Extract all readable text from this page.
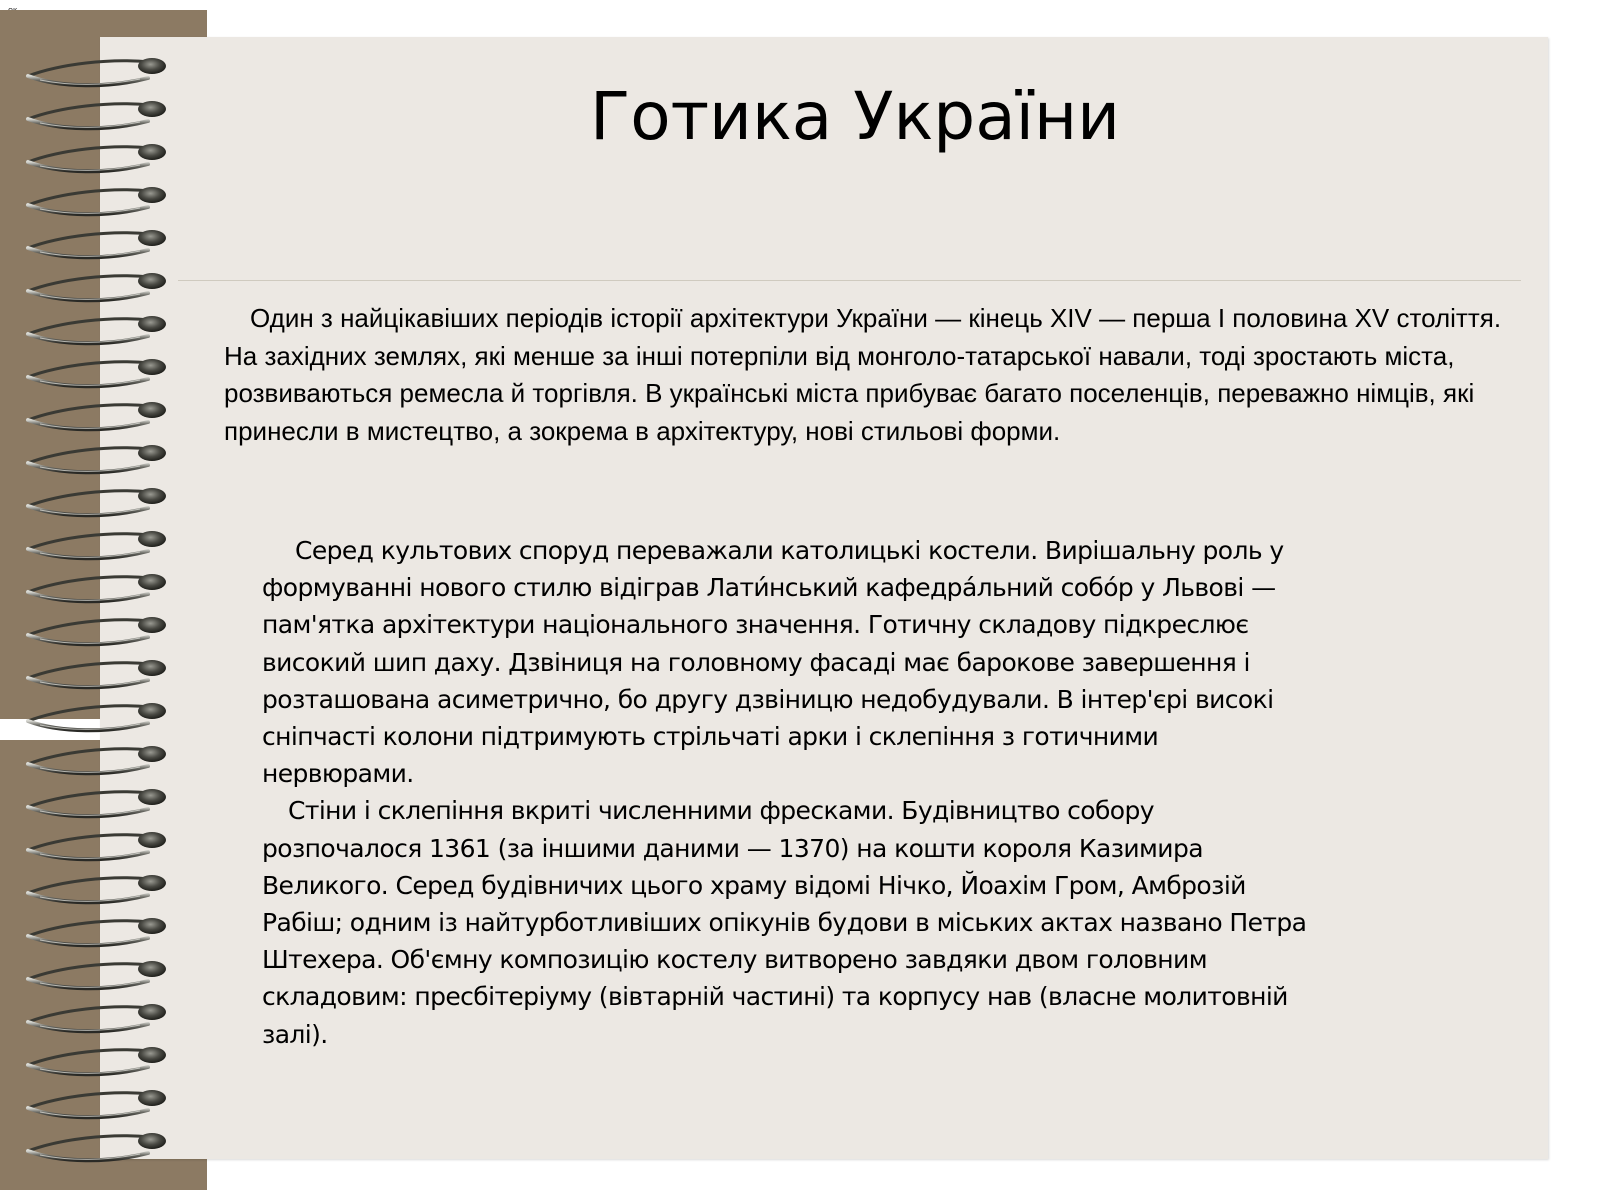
Готика України

Один з найцікавіших періодів історії архітектури України — кінець XIV — перша I половина XV століття. На західних землях, які менше за інші потерпіли від монголо-татарської навали, тоді зростають міста, розвиваються ремесла й торгівля. В українські міста прибуває багато поселенців, переважно німців, які принесли в мистецтво, а зокрема в архітектуру, нові стильові форми.

Серед культових споруд переважали католицькі костели. Вирішальну роль у формуванні нового стилю відіграв Лати́нський кафедра́льний собо́р у Львові — пам'ятка архітектури національного значення. Готичну складову підкреслює високий шип даху. Дзвіниця на головному фасаді має барокове завершення і розташована асиметрично, бо другу дзвіницю недобудували. В інтер'єрі високі сніпчасті колони підтримують стрільчаті арки і склепіння з готичними нервюрами.

Стіни і склепіння вкриті численними фресками. Будівництво собору розпочалося 1361 (за іншими даними — 1370) на кошти короля Казимира Великого. Серед будівничих цього храму відомі Нічко, Йоахім Гром, Амброзій Рабіш; одним із найтурботливіших опікунів будови в міських актах названо Петра Штехера. Об'ємну композицію костелу витворено завдяки двом головним складовим: пресбітеріуму (вівтарній частині) та корпусу нав (власне молитовній залі).
